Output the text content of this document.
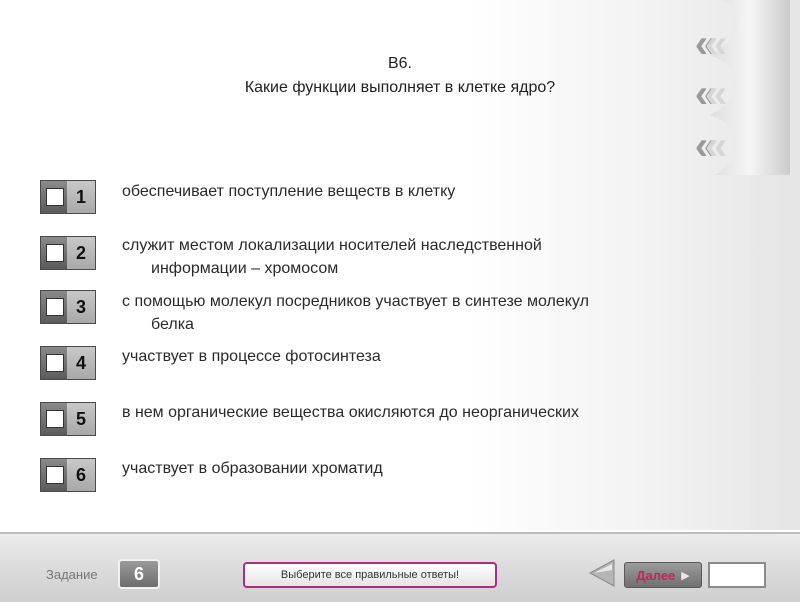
« «
« «
« «
В6.
Какие функции выполняет в клетке ядро?
1	обеспечивает поступление веществ в клетку
2	служит местом локализации носителей наследственной
информации – хромосом
3	с помощью молекул посредников участвует в синтезе молекул
белка
4	участвует в процессе фотосинтеза
5	в нем органические вещества окисляются до неорганических
6	участвует в образовании хроматид
Задание	6	Выберите все правильные ответы!	Далее ▶
